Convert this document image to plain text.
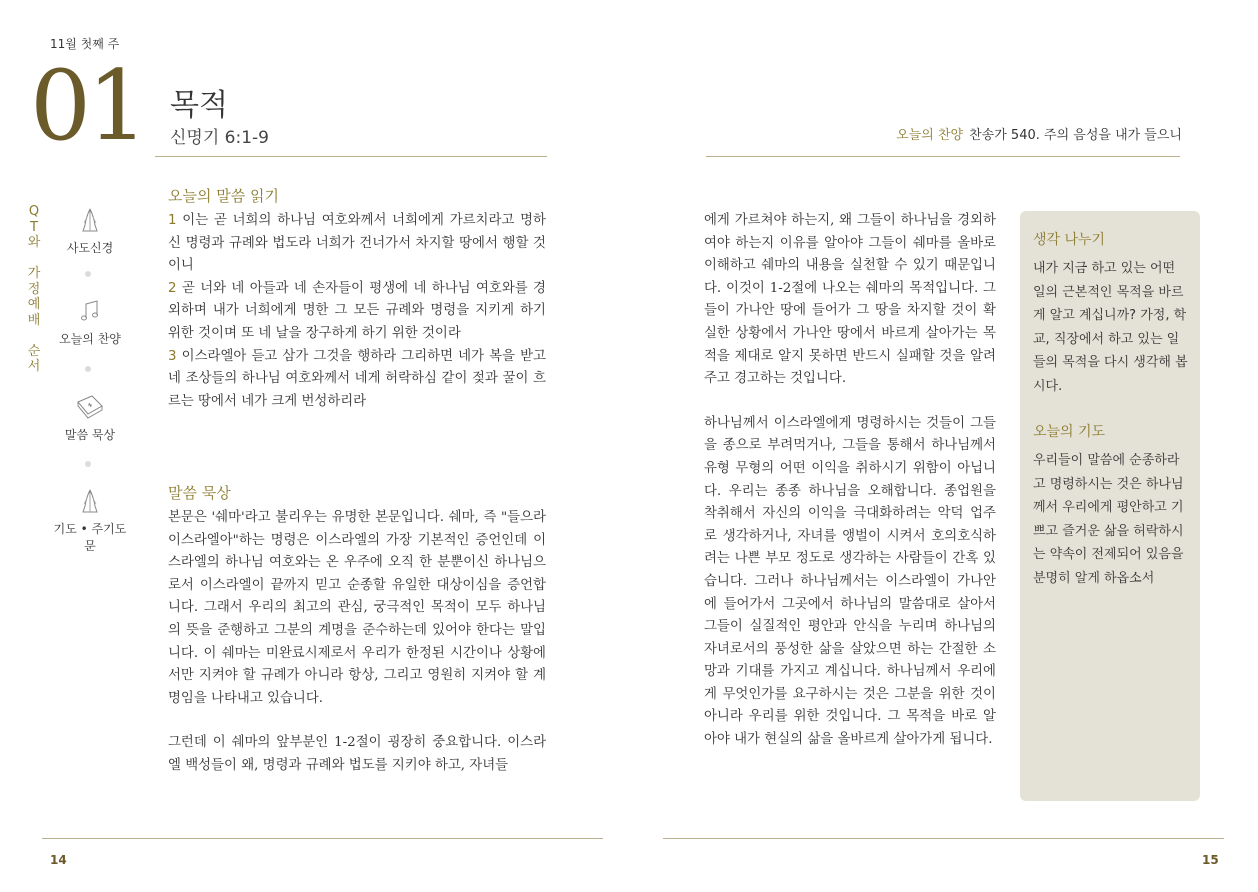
11월 첫째 주
01 목적
신명기 6:1-9	오늘의 찬양 찬송가 540. 주의 음성을 내가 들으니
Q
T
와
가
정
예
배
순
서
사도신경
오늘의 찬양
말씀 묵상
기도 • 주기도문
오늘의 말씀 읽기

1 이는 곧 너희의 하나님 여호와께서 너희에게 가르치라고 명하신 명령과 규례와 법도라 너희가 건너가서 차지할 땅에서 행할 것이니

2 곧 너와 네 아들과 네 손자들이 평생에 네 하나님 여호와를 경외하며 내가 너희에게 명한 그 모든 규례와 명령을 지키게 하기 위한 것이며 또 네 날을 장구하게 하기 위한 것이라

3 이스라엘아 듣고 삼가 그것을 행하라 그리하면 네가 복을 받고 네 조상들의 하나님 여호와께서 네게 허락하심 같이 젖과 꿀이 흐르는 땅에서 네가 크게 번성하리라

말씀 묵상

본문은 '쉐마'라고 불리우는 유명한 본문입니다. 쉐마, 즉 "들으라 이스라엘아"하는 명령은 이스라엘의 가장 기본적인 증언인데 이스라엘의 하나님 여호와는 온 우주에 오직 한 분뿐이신 하나님으로서 이스라엘이 끝까지 믿고 순종할 유일한 대상이심을 증언합니다. 그래서 우리의 최고의 관심, 궁극적인 목적이 모두 하나님의 뜻을 준행하고 그분의 계명을 준수하는데 있어야 한다는 말입니다. 이 쉐마는 미완료시제로서 우리가 한정된 시간이나 상황에서만 지켜야 할 규례가 아니라 항상, 그리고 영원히 지켜야 할 계명임을 나타내고 있습니다.

그런데 이 쉐마의 앞부분인 1-2절이 굉장히 중요합니다. 이스라엘 백성들이 왜, 명령과 규례와 법도를 지키야 하고, 자녀들

에게 가르쳐야 하는지, 왜 그들이 하나님을 경외하여야 하는지 이유를 알아야 그들이 쉐마를 올바로 이해하고 쉐마의 내용을 실천할 수 있기 때문입니다. 이것이 1-2절에 나오는 쉐마의 목적입니다. 그들이 가나안 땅에 들어가 그 땅을 차지할 것이 확실한 상황에서 가나안 땅에서 바르게 살아가는 목적을 제대로 알지 못하면 반드시 실패할 것을 알려주고 경고하는 것입니다.

하나님께서 이스라엘에게 명령하시는 것들이 그들을 종으로 부려먹거나, 그들을 통해서 하나님께서 유형 무형의 어떤 이익을 취하시기 위함이 아닙니다. 우리는 종종 하나님을 오해합니다. 종업원을 착취해서 자신의 이익을 극대화하려는 악덕 업주로 생각하거나, 자녀를 앵벌이 시켜서 호의호식하려는 나쁜 부모 정도로 생각하는 사람들이 간혹 있습니다. 그러나 하나님께서는 이스라엘이 가나안에 들어가서 그곳에서 하나님의 말씀대로 살아서 그들이 실질적인 평안과 안식을 누리며 하나님의 자녀로서의 풍성한 삶을 살았으면 하는 간절한 소망과 기대를 가지고 계십니다. 하나님께서 우리에게 무엇인가를 요구하시는 것은 그분을 위한 것이 아니라 우리를 위한 것입니다. 그 목적을 바로 알아야 내가 현실의 삶을 올바르게 살아가게 됩니다.

생각 나누기
내가 지금 하고 있는 어떤 일의 근본적인 목적을 바르게 알고 계십니까? 가정, 학교, 직장에서 하고 있는 일들의 목적을 다시 생각해 봅시다.
오늘의 기도
우리들이 말씀에 순종하라고 명령하시는 것은 하나님께서 우리에게 평안하고 기쁘고 즐거운 삶을 허락하시는 약속이 전제되어 있음을 분명히 알게 하옵소서
14	15
